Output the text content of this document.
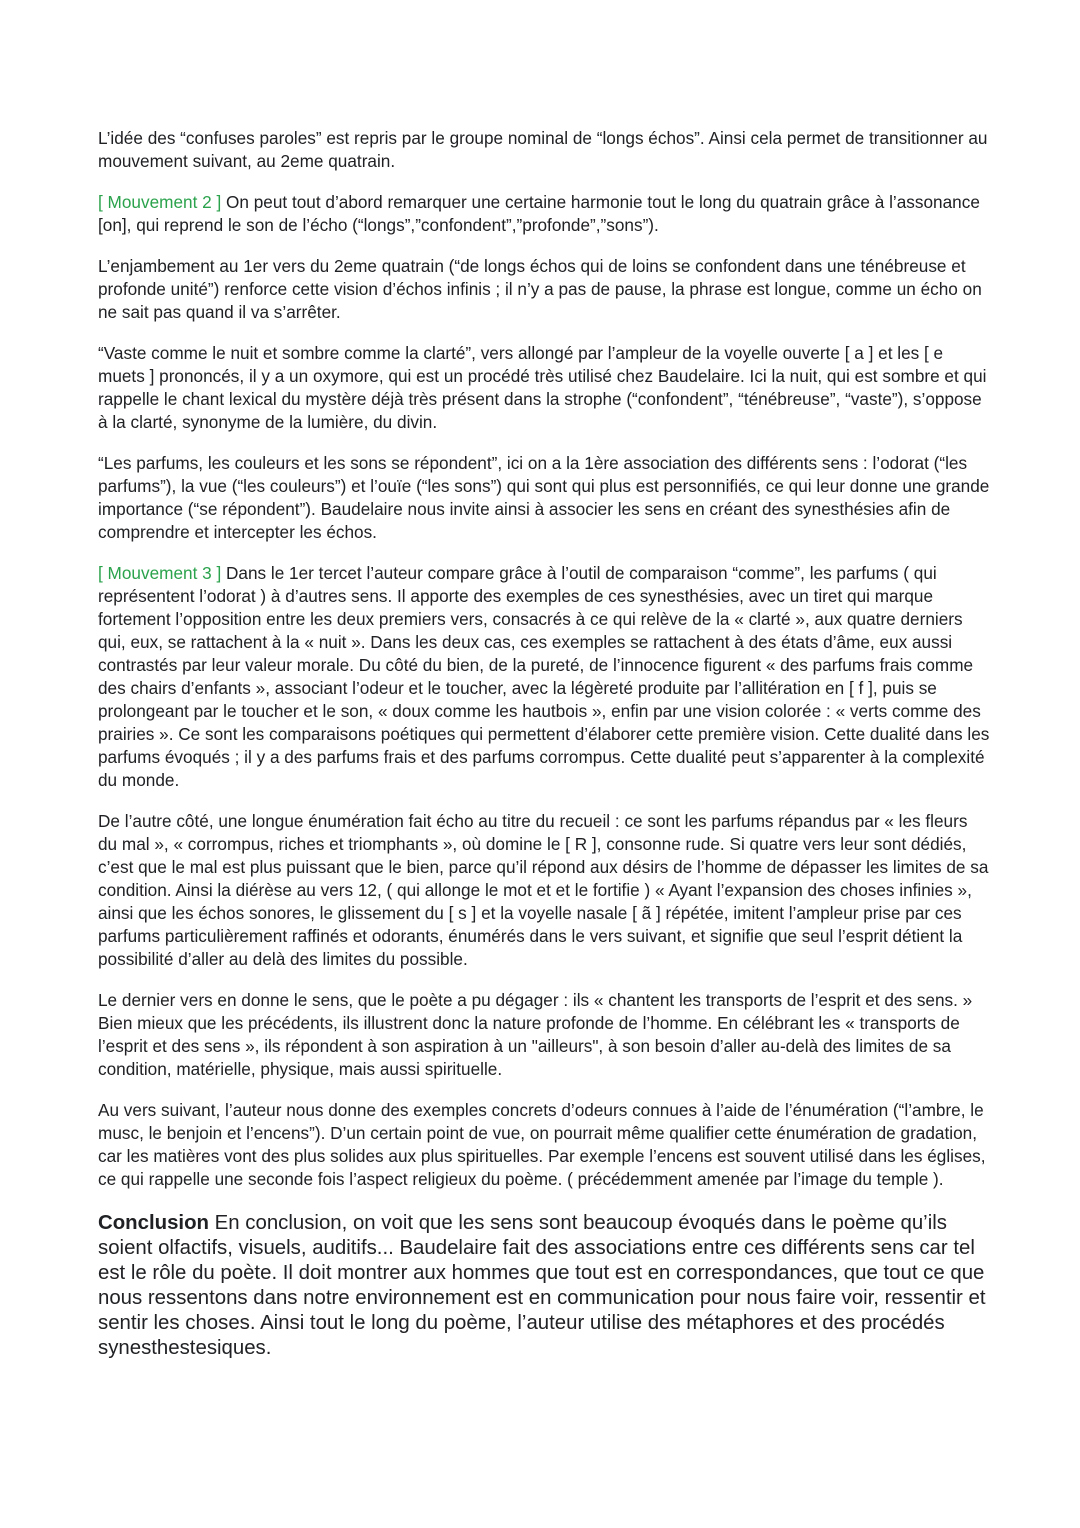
L’idée des “confuses paroles” est repris par le groupe nominal de “longs échos”. Ainsi cela permet de transitionner au mouvement suivant, au 2eme quatrain.

[ Mouvement 2 ] On peut tout d’abord remarquer une certaine harmonie tout le long du quatrain grâce à l’assonance [on], qui reprend le son de l’écho (“longs”,”confondent”,”profonde”,”sons”).

L’enjambement au 1er vers du 2eme quatrain (“de longs échos qui de loins se confondent dans une ténébreuse et profonde unité”) renforce cette vision d’échos infinis ; il n’y a pas de pause, la phrase est longue, comme un écho on ne sait pas quand il va s’arrêter.

“Vaste comme le nuit et sombre comme la clarté”, vers allongé par l’ampleur de la voyelle ouverte [ a ] et les [ e muets ] prononcés, il y a un oxymore, qui est un procédé très utilisé chez Baudelaire. Ici la nuit, qui est sombre et qui rappelle le chant lexical du mystère déjà très présent dans la strophe (“confondent”, “ténébreuse”, “vaste”), s’oppose à la clarté, synonyme de la lumière, du divin.

“Les parfums, les couleurs et les sons se répondent”, ici on a la 1ère association des différents sens : l’odorat (“les parfums”), la vue (“les couleurs”) et l’ouïe (“les sons”) qui sont qui plus est personnifiés, ce qui leur donne une grande importance (“se répondent”). Baudelaire nous invite ainsi à associer les sens en créant des synesthésies afin de comprendre et intercepter les échos.

[ Mouvement 3 ] Dans le 1er tercet l’auteur compare grâce à l’outil de comparaison “comme”, les parfums ( qui représentent l’odorat ) à d’autres sens. Il apporte des exemples de ces synesthésies, avec un tiret qui marque fortement l’opposition entre les deux premiers vers, consacrés à ce qui relève de la « clarté », aux quatre derniers qui, eux, se rattachent à la « nuit ». Dans les deux cas, ces exemples se rattachent à des états d’âme, eux aussi contrastés par leur valeur morale. Du côté du bien, de la pureté, de l’innocence figurent « des parfums frais comme des chairs d’enfants », associant l’odeur et le toucher, avec la légèreté produite par l’allitération en [ f ], puis se prolongeant par le toucher et le son, « doux comme les hautbois », enfin par une vision colorée : « verts comme des prairies ». Ce sont les comparaisons poétiques qui permettent d’élaborer cette première vision. Cette dualité dans les parfums évoqués ; il y a des parfums frais et des parfums corrompus. Cette dualité peut s’apparenter à la complexité du monde.

De l’autre côté, une longue énumération fait écho au titre du recueil : ce sont les parfums répandus par « les fleurs du mal », « corrompus, riches et triomphants », où domine le [ R ], consonne rude. Si quatre vers leur sont dédiés, c’est que le mal est plus puissant que le bien, parce qu’il répond aux désirs de l’homme de dépasser les limites de sa condition. Ainsi la diérèse au vers 12, ( qui allonge le mot et et le fortifie ) « Ayant l’expansion des choses infinies », ainsi que les échos sonores, le glissement du [ s ] et la voyelle nasale [ ã ] répétée, imitent l’ampleur prise par ces parfums particulièrement raffinés et odorants, énumérés dans le vers suivant, et signifie que seul l’esprit détient la possibilité d’aller au delà des limites du possible.

Le dernier vers en donne le sens, que le poète a pu dégager : ils « chantent les transports de l’esprit et des sens. » Bien mieux que les précédents, ils illustrent donc la nature profonde de l’homme. En célébrant les « transports de l’esprit et des sens », ils répondent à son aspiration à un "ailleurs", à son besoin d’aller au-delà des limites de sa condition, matérielle, physique, mais aussi spirituelle.

Au vers suivant, l’auteur nous donne des exemples concrets d’odeurs connues à l’aide de l’énumération (“l’ambre, le musc, le benjoin et l’encens”). D’un certain point de vue, on pourrait même qualifier cette énumération de gradation, car les matières vont des plus solides aux plus spirituelles. Par exemple l’encens est souvent utilisé dans les églises, ce qui rappelle une seconde fois l’aspect religieux du poème. ( précédemment amenée par l’image du temple ).

Conclusion En conclusion, on voit que les sens sont beaucoup évoqués dans le poème qu’ils soient olfactifs, visuels, auditifs... Baudelaire fait des associations entre ces différents sens car tel est le rôle du poète. Il doit montrer aux hommes que tout est en correspondances, que tout ce que nous ressentons dans notre environnement est en communication pour nous faire voir, ressentir et sentir les choses. Ainsi tout le long du poème, l’auteur utilise des métaphores et des procédés synesthestesiques.
